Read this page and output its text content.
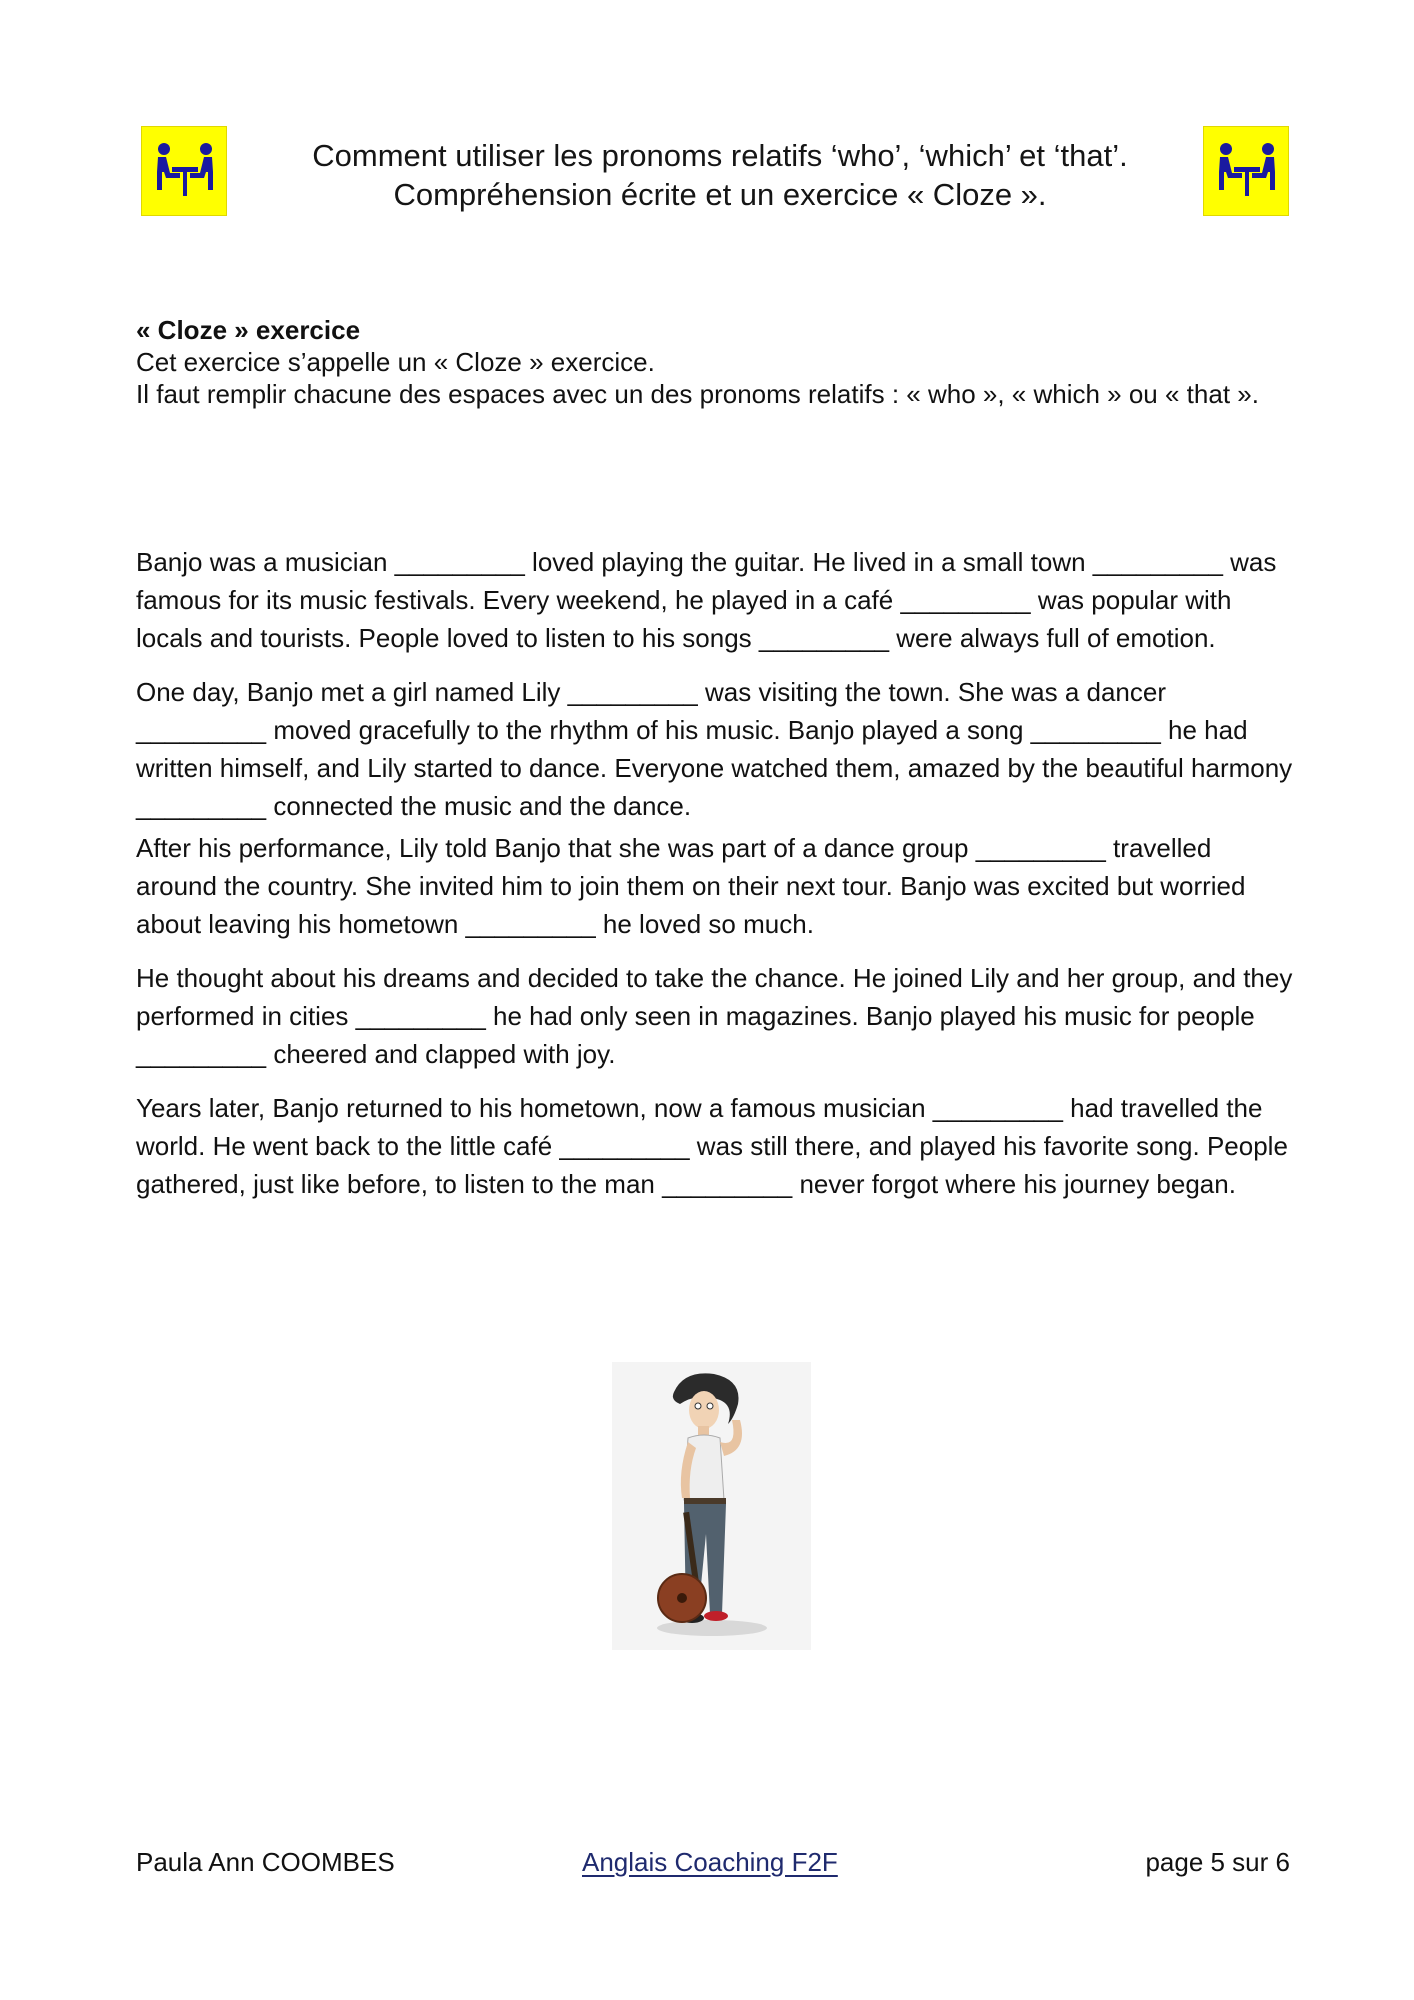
Comment utiliser les pronoms relatifs ‘who’, ‘which’ et ‘that’.
Compréhension écrite et un exercice « Cloze ».
« Cloze » exercice
Cet exercice s’appelle un « Cloze » exercice.
Il faut remplir chacune des espaces avec un des pronoms relatifs : « who », « which » ou « that ».

Banjo was a musician _________ loved playing the guitar. He lived in a small town _________ was famous for its music festivals. Every weekend, he played in a café _________ was popular with locals and tourists. People loved to listen to his songs _________ were always full of emotion.

One day, Banjo met a girl named Lily _________ was visiting the town. She was a dancer _________ moved gracefully to the rhythm of his music. Banjo played a song _________ he had written himself, and Lily started to dance. Everyone watched them, amazed by the beautiful harmony _________ connected the music and the dance.

After his performance, Lily told Banjo that she was part of a dance group _________ travelled around the country. She invited him to join them on their next tour. Banjo was excited but worried about leaving his hometown _________ he loved so much.

He thought about his dreams and decided to take the chance. He joined Lily and her group, and they performed in cities _________ he had only seen in magazines. Banjo played his music for people _________ cheered and clapped with joy.

Years later, Banjo returned to his hometown, now a famous musician _________ had travelled the world. He went back to the little café _________ was still there, and played his favorite song. People gathered, just like before, to listen to the man _________ never forgot where his journey began.

Paula Ann COOMBES	Anglais Coaching F2F	page 5 sur 6
